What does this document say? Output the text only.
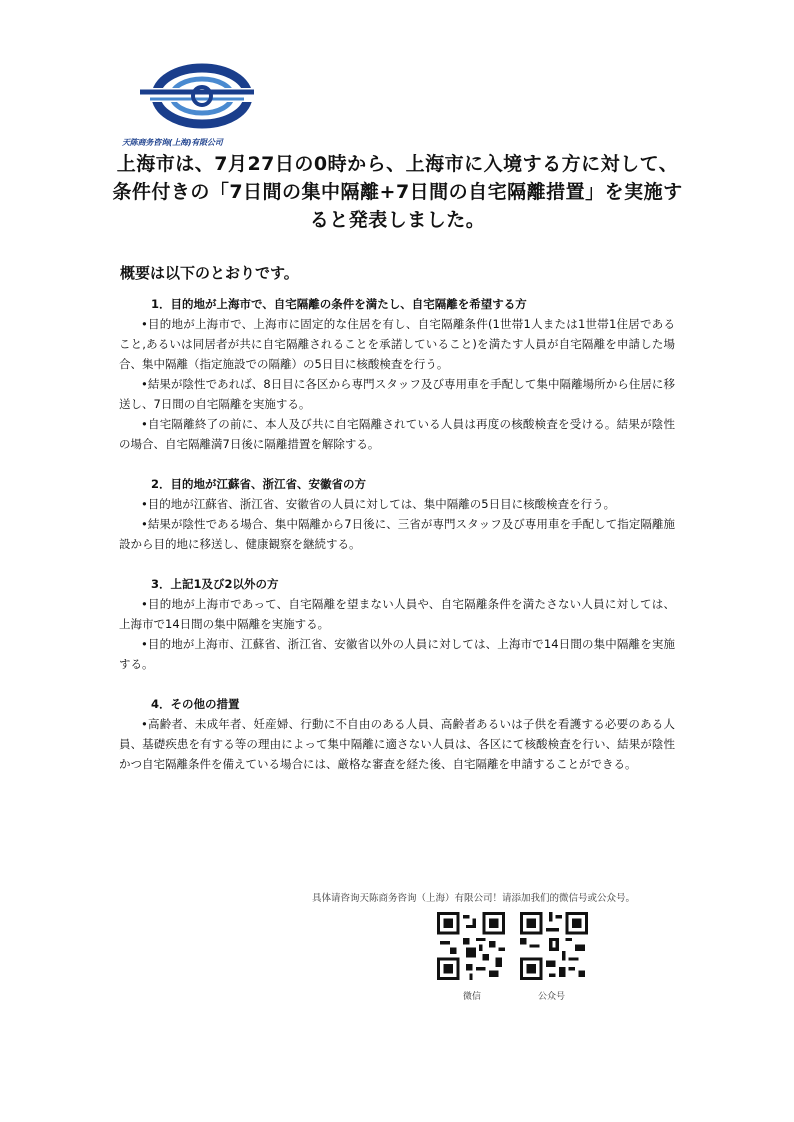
天陈商务咨询(上海)有限公司
上海市は、7月27日の0時から、上海市に入境する方に対して、条件付きの「7日間の集中隔離+7日間の自宅隔離措置」を実施すると発表しました。
概要は以下のとおりです。
1．目的地が上海市で、自宅隔離の条件を満たし、自宅隔離を希望する方

•目的地が上海市で、上海市に固定的な住居を有し、自宅隔離条件(1世帯1人または1世帯1住居であること,あるいは同居者が共に自宅隔離されることを承諾していること)を満たす人員が自宅隔離を申請した場合、集中隔離（指定施設での隔離）の5日目に核酸検査を行う。

•結果が陰性であれば、8日目に各区から専門スタッフ及び専用車を手配して集中隔離場所から住居に移送し、7日間の自宅隔離を実施する。

•自宅隔離終了の前に、本人及び共に自宅隔離されている人員は再度の核酸検査を受ける。結果が陰性の場合、自宅隔離満7日後に隔離措置を解除する。

2．目的地が江蘇省、浙江省、安徽省の方

•目的地が江蘇省、浙江省、安徽省の人員に対しては、集中隔離の5日目に核酸検査を行う。

•結果が陰性である場合、集中隔離から7日後に、三省が専門スタッフ及び専用車を手配して指定隔離施設から目的地に移送し、健康観察を継続する。

3．上記1及び2以外の方

•目的地が上海市であって、自宅隔離を望まない人員や、自宅隔離条件を満たさない人員に対しては、上海市で14日間の集中隔離を実施する。

•目的地が上海市、江蘇省、浙江省、安徽省以外の人員に対しては、上海市で14日間の集中隔離を実施する。

4．その他の措置

•高齢者、未成年者、妊産婦、行動に不自由のある人員、高齢者あるいは子供を看護する必要のある人員、基礎疾患を有する等の理由によって集中隔離に適さない人員は、各区にて核酸検査を行い、結果が陰性かつ自宅隔離条件を備えている場合には、厳格な審査を経た後、自宅隔離を申請することができる。

具体请咨询天陈商务咨询（上海）有限公司！请添加我们的微信号或公众号。
微信	公众号
